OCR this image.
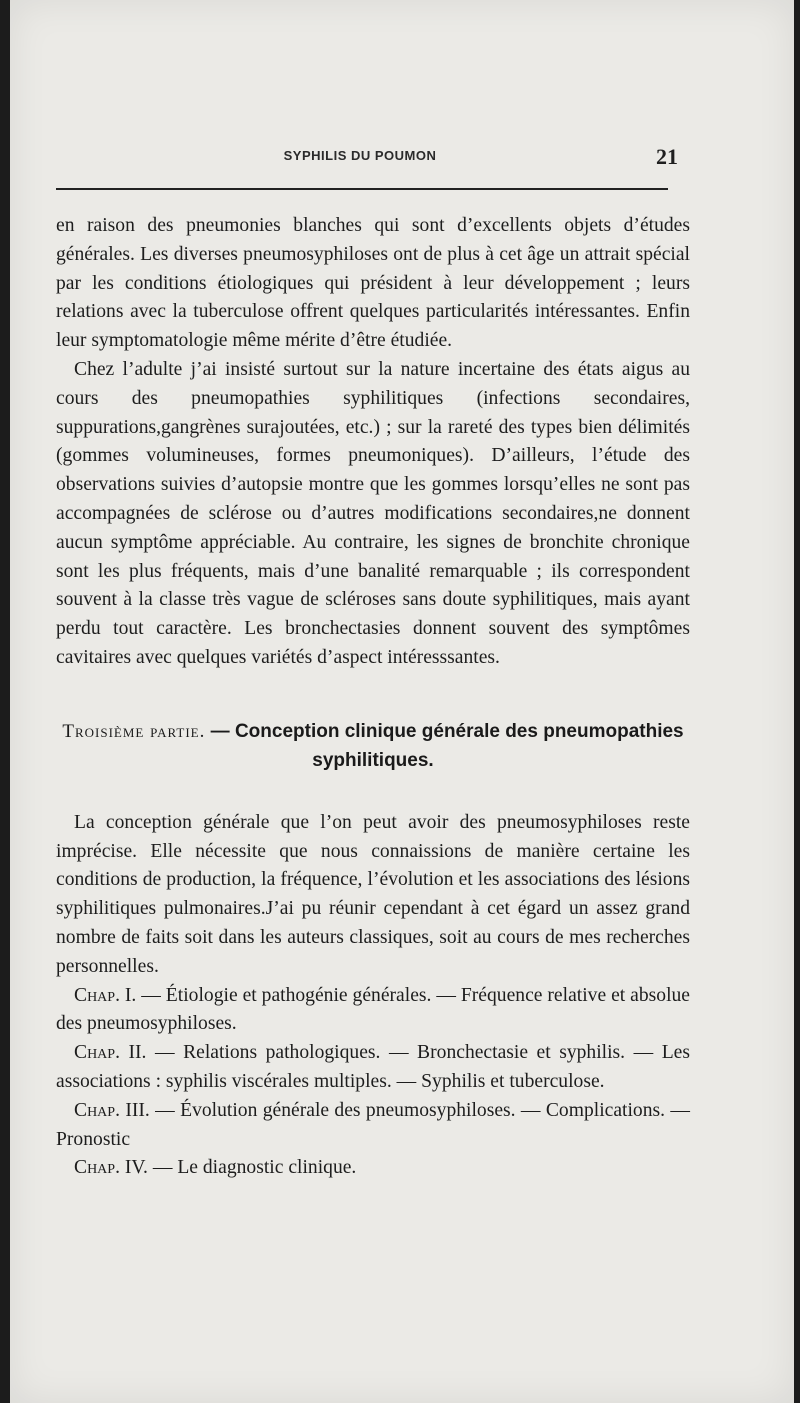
SYPHILIS DU POUMON	21

en raison des pneumonies blanches qui sont d’excellents objets d’études générales. Les diverses pneumosyphiloses ont de plus à cet âge un attrait spécial par les conditions étiologiques qui président à leur développement ; leurs relations avec la tuberculose offrent quelques particularités intéressantes. Enfin leur symptomatologie même mérite d’être étudiée.

Chez l’adulte j’ai insisté surtout sur la nature incertaine des états aigus au cours des pneumopathies syphilitiques (infections secondaires, suppurations,gangrènes surajoutées, etc.) ; sur la rareté des types bien délimités (gommes volumineuses, formes pneumoniques). D’ailleurs, l’étude des observations suivies d’autopsie montre que les gommes lorsqu’elles ne sont pas accompagnées de sclérose ou d’autres modifications secondaires,ne donnent aucun symptôme appréciable. Au contraire, les signes de bronchite chronique sont les plus fréquents, mais d’une banalité remarquable ; ils correspondent souvent à la classe très vague de scléroses sans doute syphilitiques, mais ayant perdu tout caractère. Les bronchectasies donnent souvent des symptômes cavitaires avec quelques variétés d’aspect intéresssantes.

Troisième partie. — Conception clinique générale des pneumopathies syphilitiques.

La conception générale que l’on peut avoir des pneumosyphiloses reste imprécise. Elle nécessite que nous connaissions de manière certaine les conditions de production, la fréquence, l’évolution et les associations des lésions syphilitiques pulmonaires.J’ai pu réunir cependant à cet égard un assez grand nombre de faits soit dans les auteurs classiques, soit au cours de mes recherches personnelles.

Chap. I. — Étiologie et pathogénie générales. — Fréquence relative et absolue des pneumosyphiloses.

Chap. II. — Relations pathologiques. — Bronchectasie et syphilis. — Les associations : syphilis viscérales multiples. — Syphilis et tuberculose.

Chap. III. — Évolution générale des pneumosyphiloses. — Complications. — Pronostic

Chap. IV. — Le diagnostic clinique.
